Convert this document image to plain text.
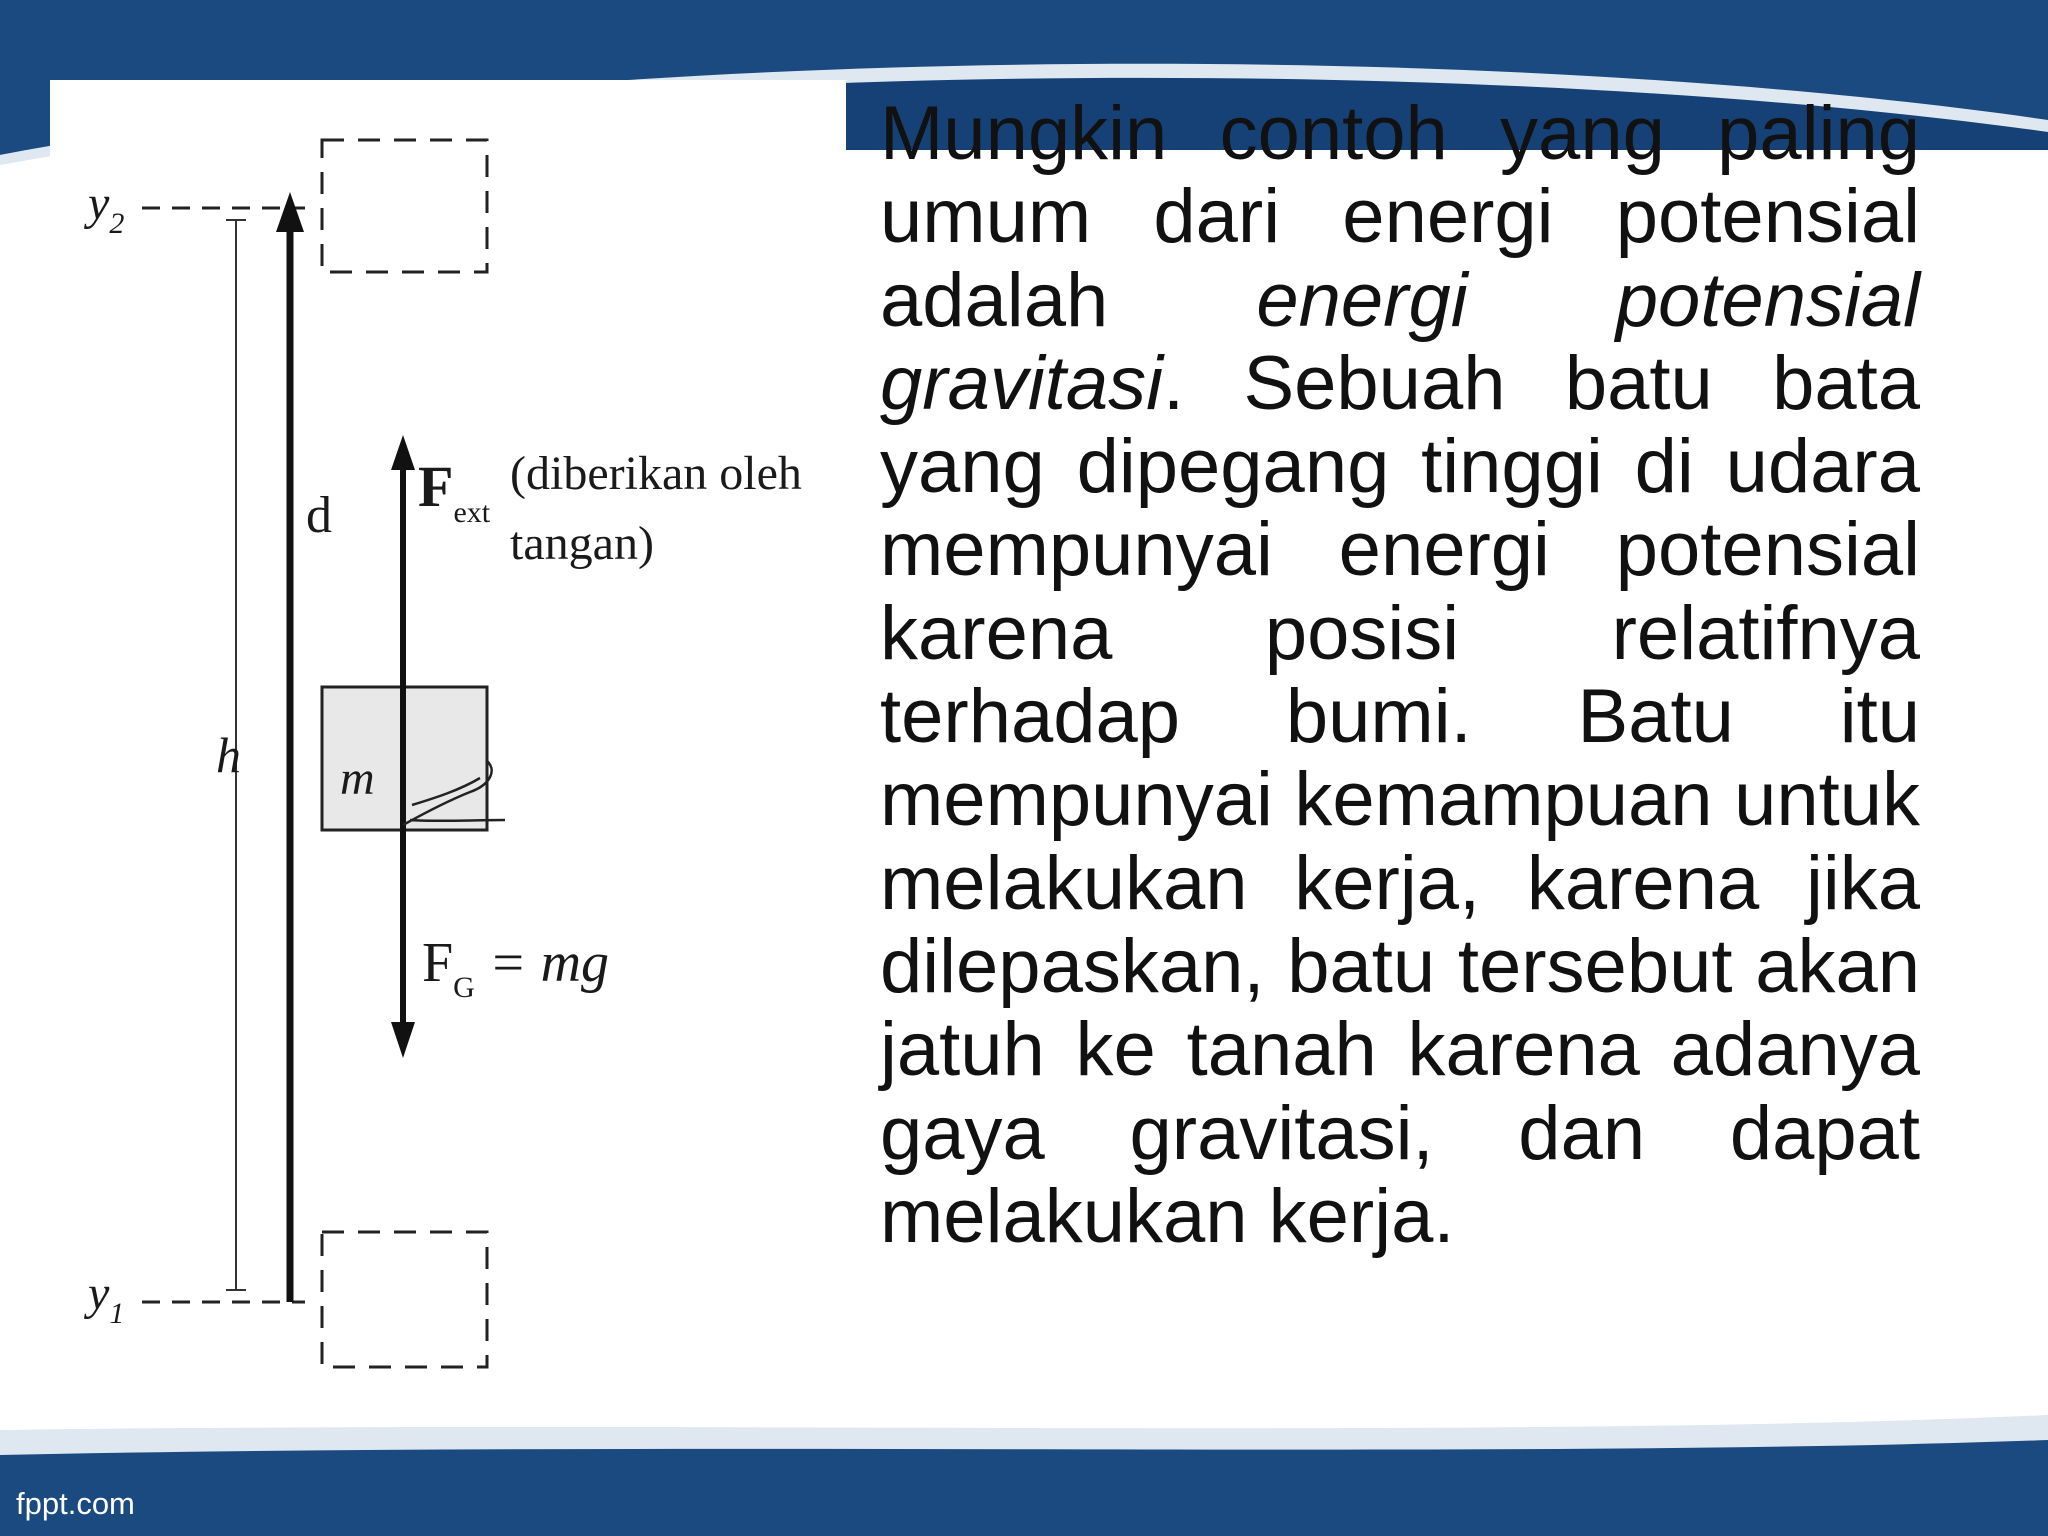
$y_2$
$y_1$
d
h m
$F_{ext}$
(diberikan oleh
tangan)
$F_G$ = mg
Mungkin contoh yang paling umum dari energi potensial adalah energi potensial gravitasi. Sebuah batu bata yang dipegang tinggi di udara mempunyai energi potensial karena posisi relatifnya terhadap bumi. Batu itu mempunyai kemampuan untuk melakukan kerja, karena jika dilepaskan, batu tersebut akan jatuh ke tanah karena adanya gaya gravitasi, dan dapat melakukan kerja.
fppt.com
